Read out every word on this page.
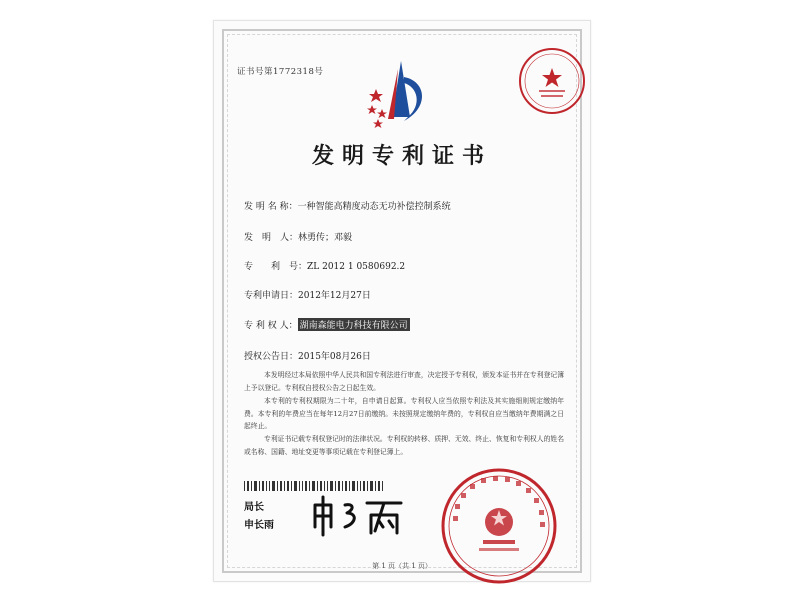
证书号第1772318号
发明专利证书
发 明 名 称：一种智能高精度动态无功补偿控制系统
发　明　人：林勇传；邓毅
专　　利　号：ZL 2012 1 0580692.2
专利申请日：2012年12月27日
专 利 权 人： 湖南森能电力科技有限公司
授权公告日：2015年08月26日
本发明经过本局依照中华人民共和国专利法进行审查，决定授予专利权，颁发本证书并在专利登记簿上予以登记。专利权自授权公告之日起生效。
本专利的专利权期限为二十年，自申请日起算。专利权人应当依照专利法及其实施细则规定缴纳年费。本专利的年费应当在每年12月27日前缴纳。未按照规定缴纳年费的，专利权自应当缴纳年费期满之日起终止。
专利证书记载专利权登记时的法律状况。专利权的转移、质押、无效、终止、恢复和专利权人的姓名或名称、国籍、地址变更等事项记载在专利登记簿上。
局长
申长雨
第 1 页（共 1 页）
